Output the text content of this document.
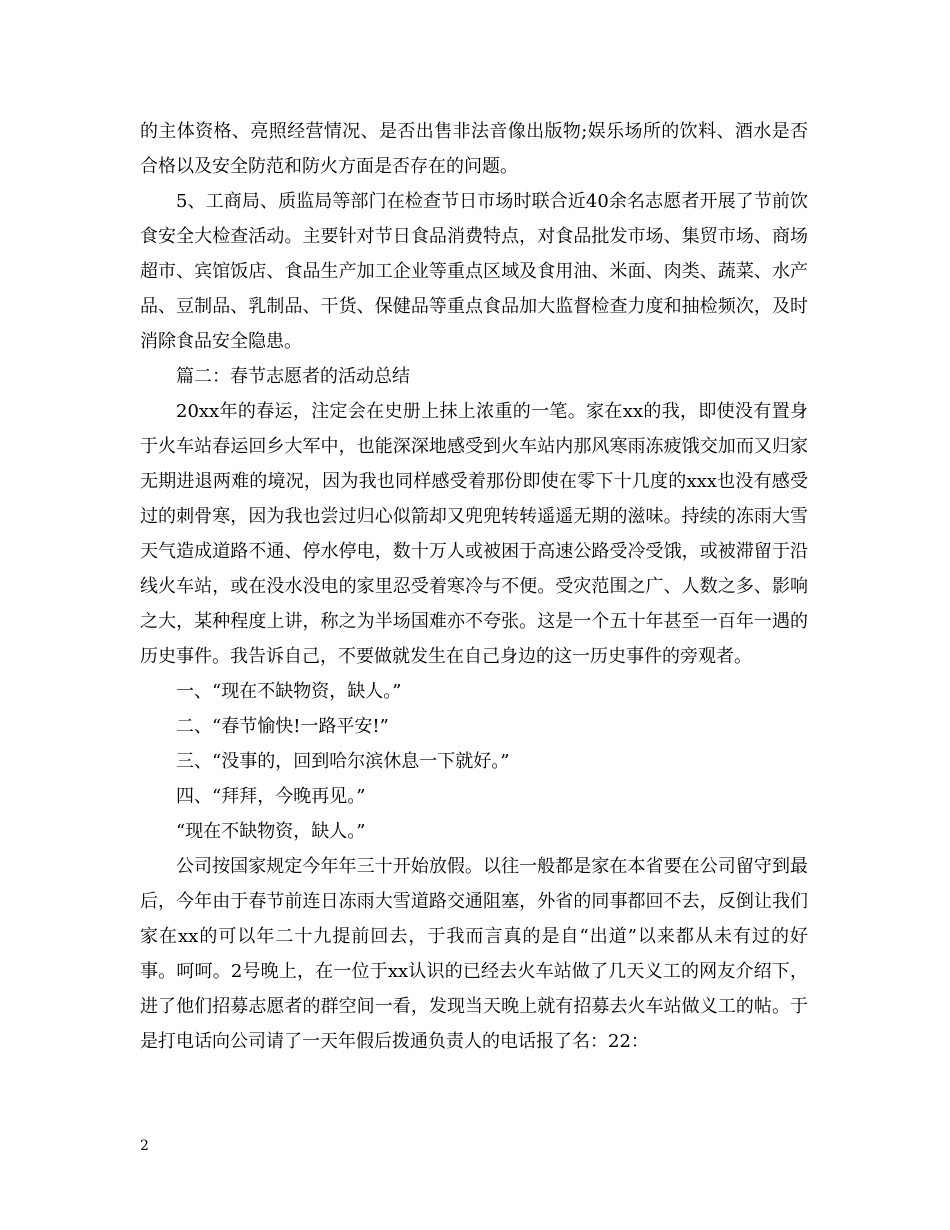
的主体资格、亮照经营情况、是否出售非法音像出版物;娱乐场所的饮料、酒水是否合格以及安全防范和防火方面是否存在的问题。

5、工商局、质监局等部门在检查节日市场时联合近40余名志愿者开展了节前饮食安全大检查活动。主要针对节日食品消费特点，对食品批发市场、集贸市场、商场超市、宾馆饭店、食品生产加工企业等重点区域及食用油、米面、肉类、蔬菜、水产品、豆制品、乳制品、干货、保健品等重点食品加大监督检查力度和抽检频次，及时消除食品安全隐患。

篇二：春节志愿者的活动总结

20xx年的春运，注定会在史册上抹上浓重的一笔。家在xx的我，即使没有置身于火车站春运回乡大军中，也能深深地感受到火车站内那风寒雨冻疲饿交加而又归家无期进退两难的境况，因为我也同样感受着那份即使在零下十几度的xxx也没有感受过的刺骨寒，因为我也尝过归心似箭却又兜兜转转遥遥无期的滋味。持续的冻雨大雪天气造成道路不通、停水停电，数十万人或被困于高速公路受冷受饿，或被滞留于沿线火车站，或在没水没电的家里忍受着寒冷与不便。受灾范围之广、人数之多、影响之大，某种程度上讲，称之为半场国难亦不夸张。这是一个五十年甚至一百年一遇的历史事件。我告诉自己，不要做就发生在自己身边的这一历史事件的旁观者。

一、“现在不缺物资，缺人。”

二、“春节愉快!一路平安!”

三、“没事的，回到哈尔滨休息一下就好。”

四、“拜拜，今晚再见。”

“现在不缺物资，缺人。”

公司按国家规定今年年三十开始放假。以往一般都是家在本省要在公司留守到最后，今年由于春节前连日冻雨大雪道路交通阻塞，外省的同事都回不去，反倒让我们家在xx的可以年二十九提前回去，于我而言真的是自“出道”以来都从未有过的好事。呵呵。2号晚上，在一位于xx认识的已经去火车站做了几天义工的网友介绍下，进了他们招募志愿者的群空间一看，发现当天晚上就有招募去火车站做义工的帖。于是打电话向公司请了一天年假后拨通负责人的电话报了名：22：

2
